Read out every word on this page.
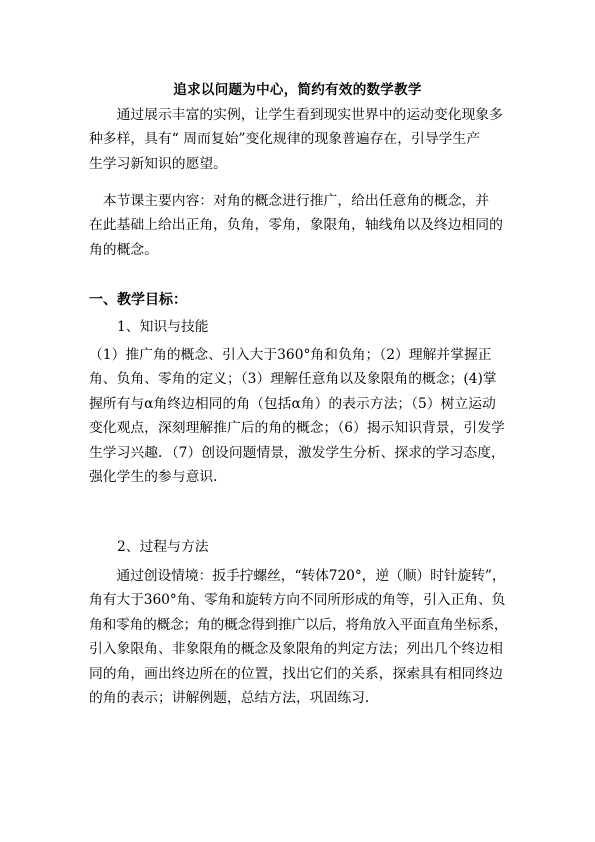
追求以问题为中心，简约有效的数学教学
　　通过展示丰富的实例，让学生看到现实世界中的运动变化现象多
种多样，具有“ 周而复始”变化规律的现象普遍存在，引导学生产
生学习新知识的愿望。
　本节课主要内容：对角的概念进行推广，给出任意角的概念，并
在此基础上给出正角，负角，零角，象限角，轴线角以及终边相同的
角的概念。
一、教学目标：
1、知识与技能
（1）推广角的概念、引入大于360°角和负角；（2）理解并掌握正
角、负角、零角的定义；（3）理解任意角以及象限角的概念；(4)掌
握所有与α角终边相同的角（包括α角）的表示方法；（5）树立运动
变化观点，深刻理解推广后的角的概念；（6）揭示知识背景，引发学
生学习兴趣．（7）创设问题情景，激发学生分析、探求的学习态度，
强化学生的参与意识．
2、过程与方法
　　通过创设情境：扳手拧螺丝，“转体720°，逆（顺）时针旋转”，
角有大于360°角、零角和旋转方向不同所形成的角等，引入正角、负
角和零角的概念；角的概念得到推广以后，将角放入平面直角坐标系，
引入象限角、非象限角的概念及象限角的判定方法；列出几个终边相
同的角，画出终边所在的位置，找出它们的关系，探索具有相同终边
的角的表示；讲解例题，总结方法，巩固练习．
